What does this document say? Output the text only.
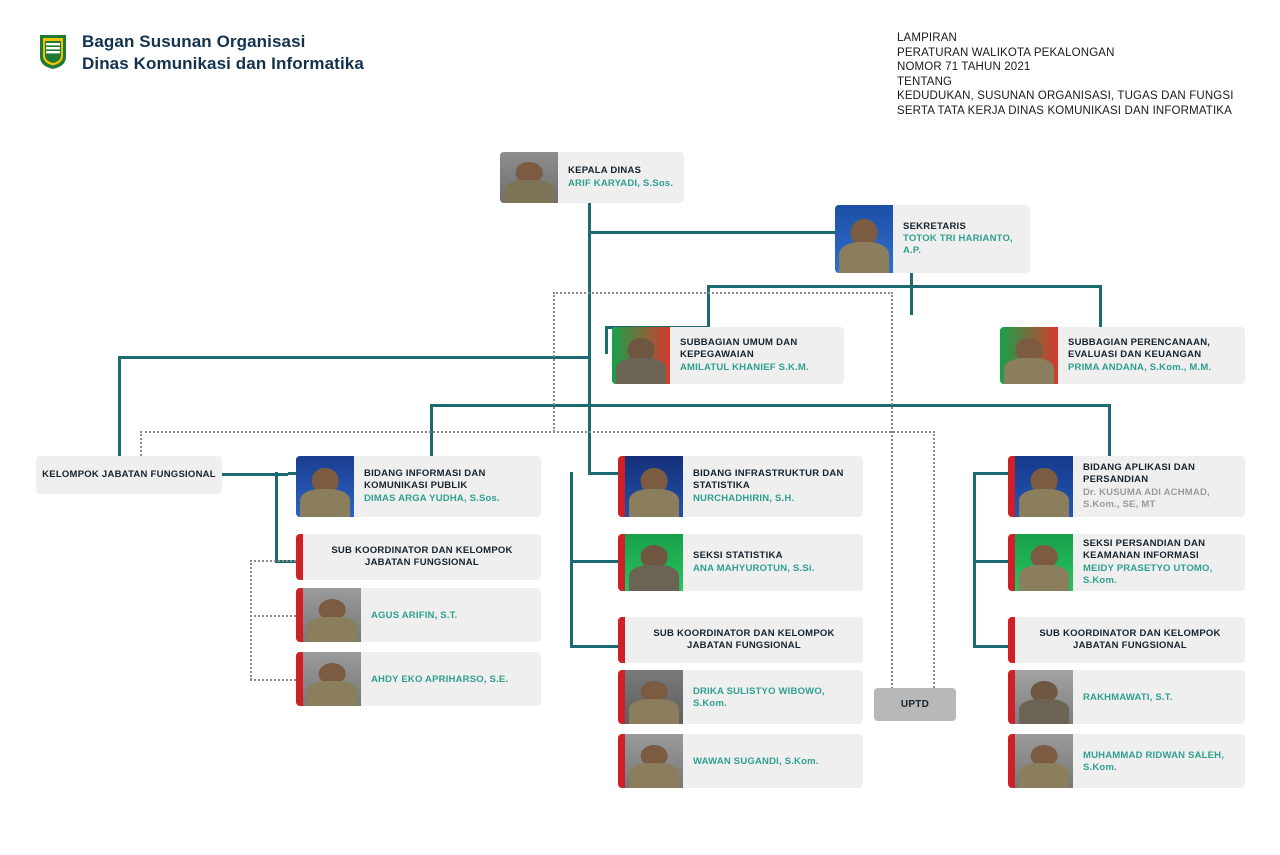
Bagan Susunan Organisasi
Dinas Komunikasi dan Informatika
LAMPIRAN
PERATURAN WALIKOTA PEKALONGAN
NOMOR 71 TAHUN 2021
TENTANG
KEDUDUKAN, SUSUNAN ORGANISASI, TUGAS DAN FUNGSI
SERTA TATA KERJA DINAS KOMUNIKASI DAN INFORMATIKA
KEPALA DINAS
ARIF KARYADI, S.Sos.
SEKRETARIS
TOTOK TRI HARIANTO, A.P.
SUBBAGIAN UMUM DAN KEPEGAWAIAN
AMILATUL KHANIEF S.K.M.
SUBBAGIAN PERENCANAAN, EVALUASI DAN KEUANGAN
PRIMA ANDANA, S.Kom., M.M.
KELOMPOK JABATAN FUNGSIONAL	BIDANG INFORMASI DAN KOMUNIKASI PUBLIK
DIMAS ARGA YUDHA, S.Sos.
SUB KOORDINATOR DAN KELOMPOK JABATAN FUNGSIONAL
AGUS ARIFIN, S.T.
AHDY EKO APRIHARSO, S.E.
BIDANG INFRASTRUKTUR DAN STATISTIKA
NURCHADHIRIN, S.H.
SEKSI STATISTIKA
ANA MAHYUROTUN, S.Si.
SUB KOORDINATOR DAN KELOMPOK JABATAN FUNGSIONAL
DRIKA SULISTYO WIBOWO, S.Kom.
WAWAN SUGANDI, S.Kom.
BIDANG APLIKASI DAN PERSANDIAN
Dr. KUSUMA ADI ACHMAD, S.Kom., SE, MT
SEKSI PERSANDIAN DAN KEAMANAN INFORMASI
MEIDY PRASETYO UTOMO, S.Kom.
SUB KOORDINATOR DAN KELOMPOK JABATAN FUNGSIONAL
RAKHMAWATI, S.T.
MUHAMMAD RIDWAN SALEH, S.Kom.
UPTD
